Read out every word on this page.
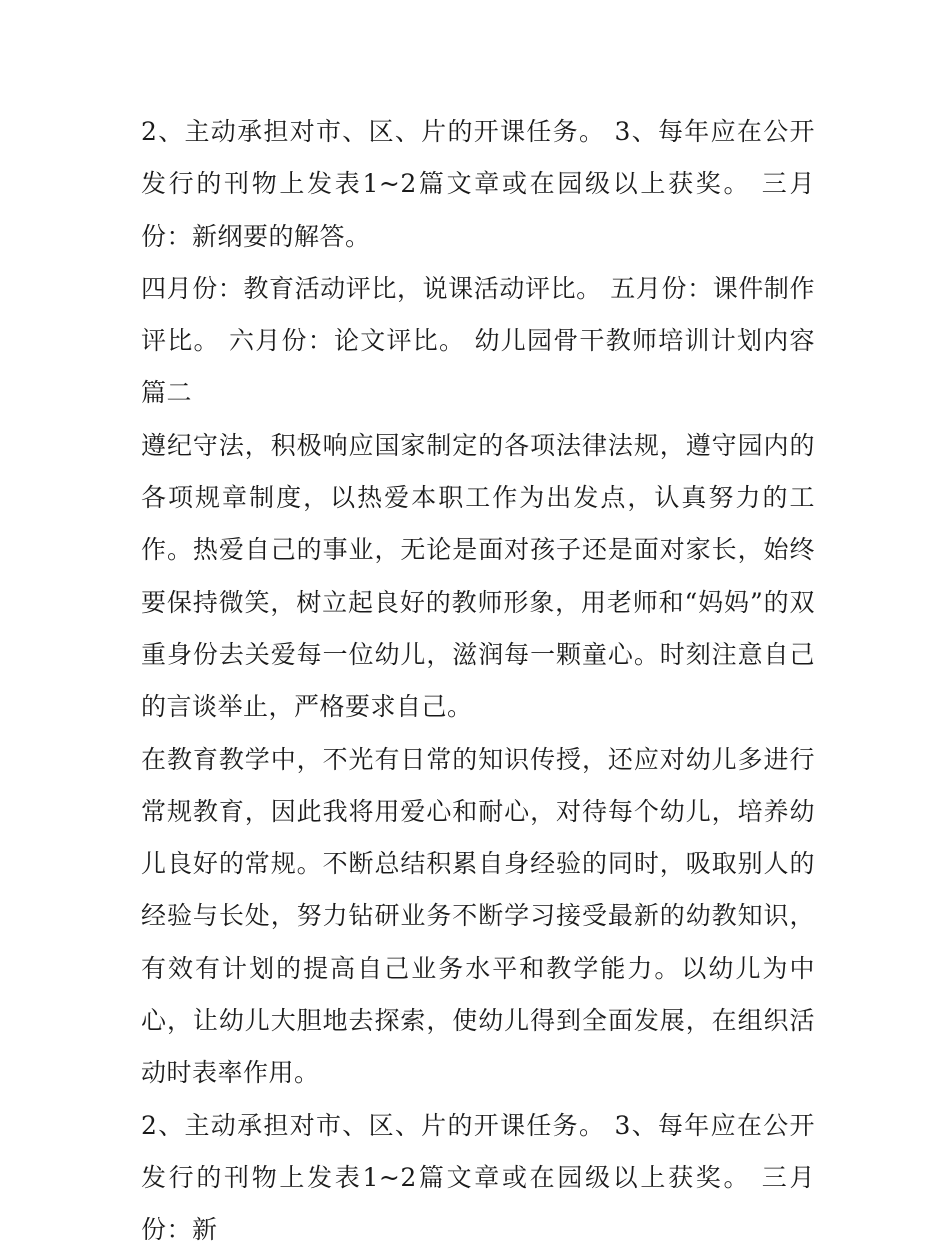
2、主动承担对市、区、片的开课任务。 3、每年应在公开发行的刊物上发表1~2篇文章或在园级以上获奖。 三月份：新纲要的解答。

四月份：教育活动评比，说课活动评比。 五月份：课件制作评比。 六月份：论文评比。 幼儿园骨干教师培训计划内容篇二

遵纪守法，积极响应国家制定的各项法律法规，遵守园内的各项规章制度，以热爱本职工作为出发点，认真努力的工作。热爱自己的事业，无论是面对孩子还是面对家长，始终要保持微笑，树立起良好的教师形象，用老师和“妈妈”的双重身份去关爱每一位幼儿，滋润每一颗童心。时刻注意自己的言谈举止，严格要求自己。

在教育教学中，不光有日常的知识传授，还应对幼儿多进行常规教育，因此我将用爱心和耐心，对待每个幼儿，培养幼儿良好的常规。不断总结积累自身经验的同时，吸取别人的经验与长处，努力钻研业务不断学习接受最新的幼教知识，有效有计划的提高自己业务水平和教学能力。以幼儿为中心，让幼儿大胆地去探索，使幼儿得到全面发展，在组织活动时表率作用。

2、主动承担对市、区、片的开课任务。 3、每年应在公开发行的刊物上发表1~2篇文章或在园级以上获奖。 三月份：新
